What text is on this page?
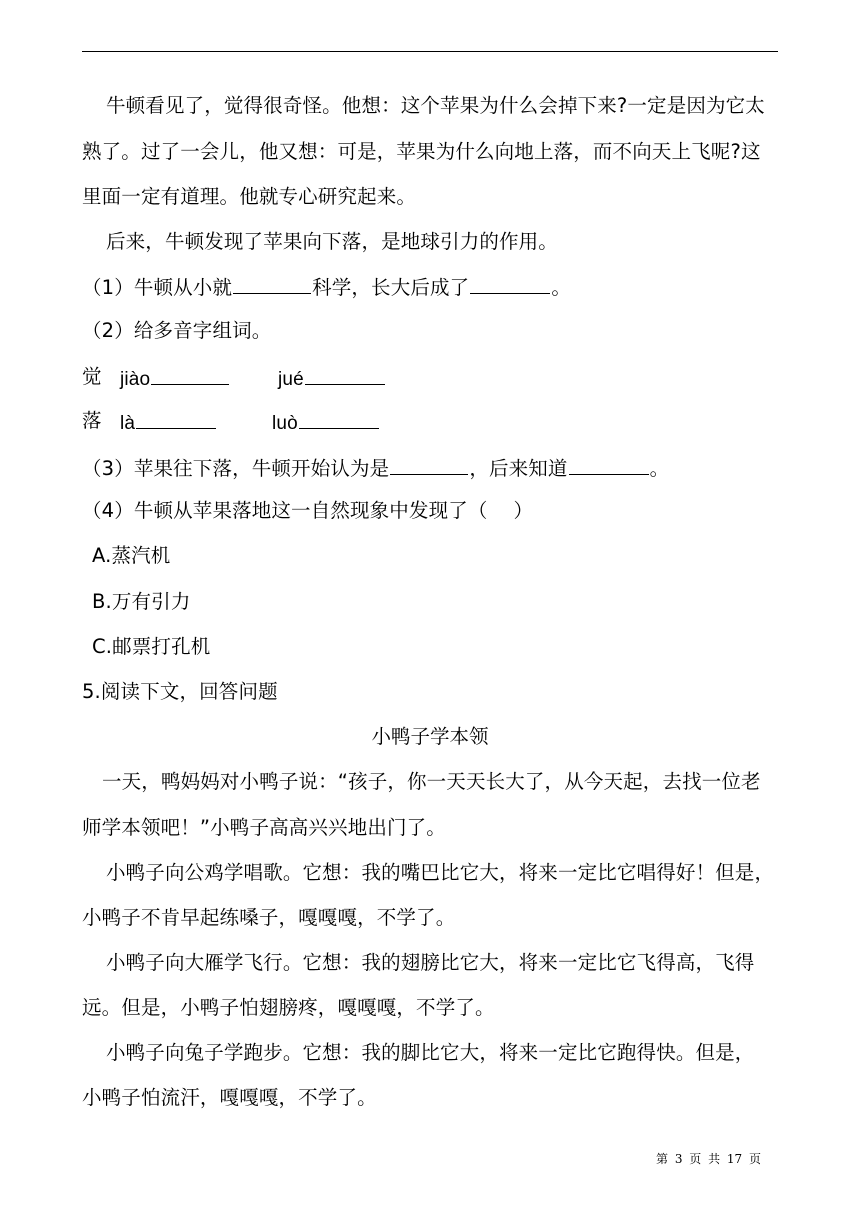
牛顿看见了，觉得很奇怪。他想：这个苹果为什么会掉下来?一定是因为它太
熟了。过了一会儿，他又想：可是，苹果为什么向地上落，而不向天上飞呢?这
里面一定有道理。他就专心研究起来。
后来，牛顿发现了苹果向下落，是地球引力的作用。
（1）牛顿从小就	科学，长大后成了	。
（2）给多音字组词。
觉 jiào	jué
落 là	luò
（3）苹果往下落，牛顿开始认为是	，后来知道	。
（4）牛顿从苹果落地这一自然现象中发现了（　 ）
A.蒸汽机
B.万有引力
C.邮票打孔机
5.阅读下文，回答问题
小鸭子学本领
一天，鸭妈妈对小鸭子说：“孩子，你一天天长大了，从今天起，去找一位老
师学本领吧！”小鸭子高高兴兴地出门了。
小鸭子向公鸡学唱歌。它想：我的嘴巴比它大，将来一定比它唱得好！但是，
小鸭子不肯早起练嗓子，嘎嘎嘎，不学了。
小鸭子向大雁学飞行。它想：我的翅膀比它大，将来一定比它飞得高，飞得
远。但是，小鸭子怕翅膀疼，嘎嘎嘎，不学了。
小鸭子向兔子学跑步。它想：我的脚比它大，将来一定比它跑得快。但是，
小鸭子怕流汗，嘎嘎嘎，不学了。
第 3 页 共 17 页
